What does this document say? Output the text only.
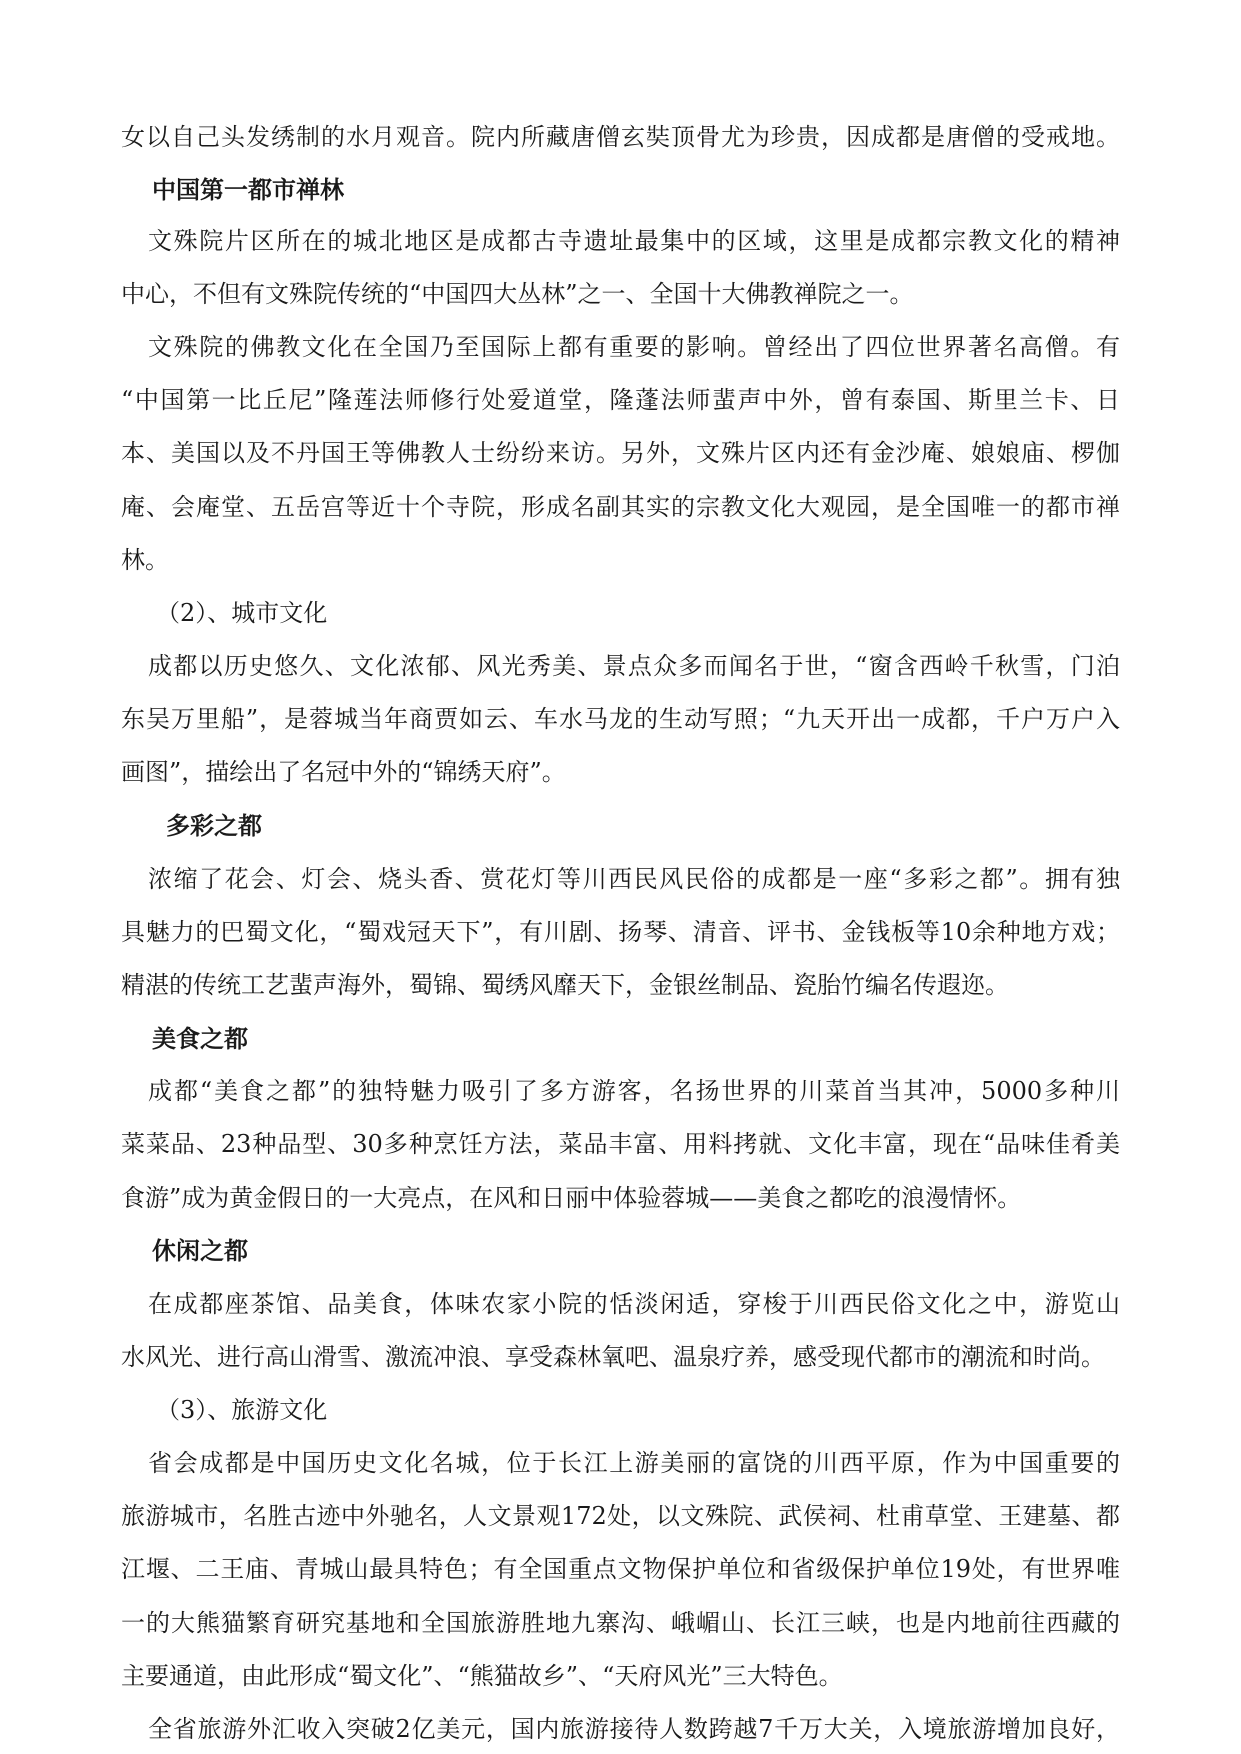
女以自己头发绣制的水月观音。院内所藏唐僧玄奘顶骨尤为珍贵，因成都是唐僧的受戒地。
中国第一都市禅林
文殊院片区所在的城北地区是成都古寺遗址最集中的区域，这里是成都宗教文化的精神
中心，不但有文殊院传统的“中国四大丛林”之一、全国十大佛教禅院之一。
文殊院的佛教文化在全国乃至国际上都有重要的影响。曾经出了四位世界著名高僧。有
“中国第一比丘尼”隆莲法师修行处爱道堂，隆蓬法师蜚声中外，曾有泰国、斯里兰卡、日
本、美国以及不丹国王等佛教人士纷纷来访。另外，文殊片区内还有金沙庵、娘娘庙、椤伽
庵、会庵堂、五岳宫等近十个寺院，形成名副其实的宗教文化大观园，是全国唯一的都市禅
林。
（2）、城市文化
成都以历史悠久、文化浓郁、风光秀美、景点众多而闻名于世，“窗含西岭千秋雪，门泊
东吴万里船”，是蓉城当年商贾如云、车水马龙的生动写照；“九天开出一成都，千户万户入
画图”，描绘出了名冠中外的“锦绣天府”。
多彩之都
浓缩了花会、灯会、烧头香、赏花灯等川西民风民俗的成都是一座“多彩之都”。拥有独
具魅力的巴蜀文化，“蜀戏冠天下”，有川剧、扬琴、清音、评书、金钱板等10余种地方戏；
精湛的传统工艺蜚声海外，蜀锦、蜀绣风靡天下，金银丝制品、瓷胎竹编名传遐迩。
美食之都
成都“美食之都”的独特魅力吸引了多方游客，名扬世界的川菜首当其冲，5000多种川
菜菜品、23种品型、30多种烹饪方法，菜品丰富、用料拷就、文化丰富，现在“品味佳肴美
食游”成为黄金假日的一大亮点，在风和日丽中体验蓉城——美食之都吃的浪漫情怀。
休闲之都
在成都座茶馆、品美食，体味农家小院的恬淡闲适，穿梭于川西民俗文化之中，游览山
水风光、进行高山滑雪、激流冲浪、享受森林氧吧、温泉疗养，感受现代都市的潮流和时尚。
（3）、旅游文化
省会成都是中国历史文化名城，位于长江上游美丽的富饶的川西平原，作为中国重要的
旅游城市，名胜古迹中外驰名，人文景观172处，以文殊院、武侯祠、杜甫草堂、王建墓、都
江堰、二王庙、青城山最具特色；有全国重点文物保护单位和省级保护单位19处，有世界唯
一的大熊猫繁育研究基地和全国旅游胜地九寨沟、峨嵋山、长江三峡，也是内地前往西藏的
主要通道，由此形成“蜀文化”、“熊猫故乡”、“天府风光”三大特色。
全省旅游外汇收入突破2亿美元，国内旅游接待人数跨越7千万大关，入境旅游增加良好，
